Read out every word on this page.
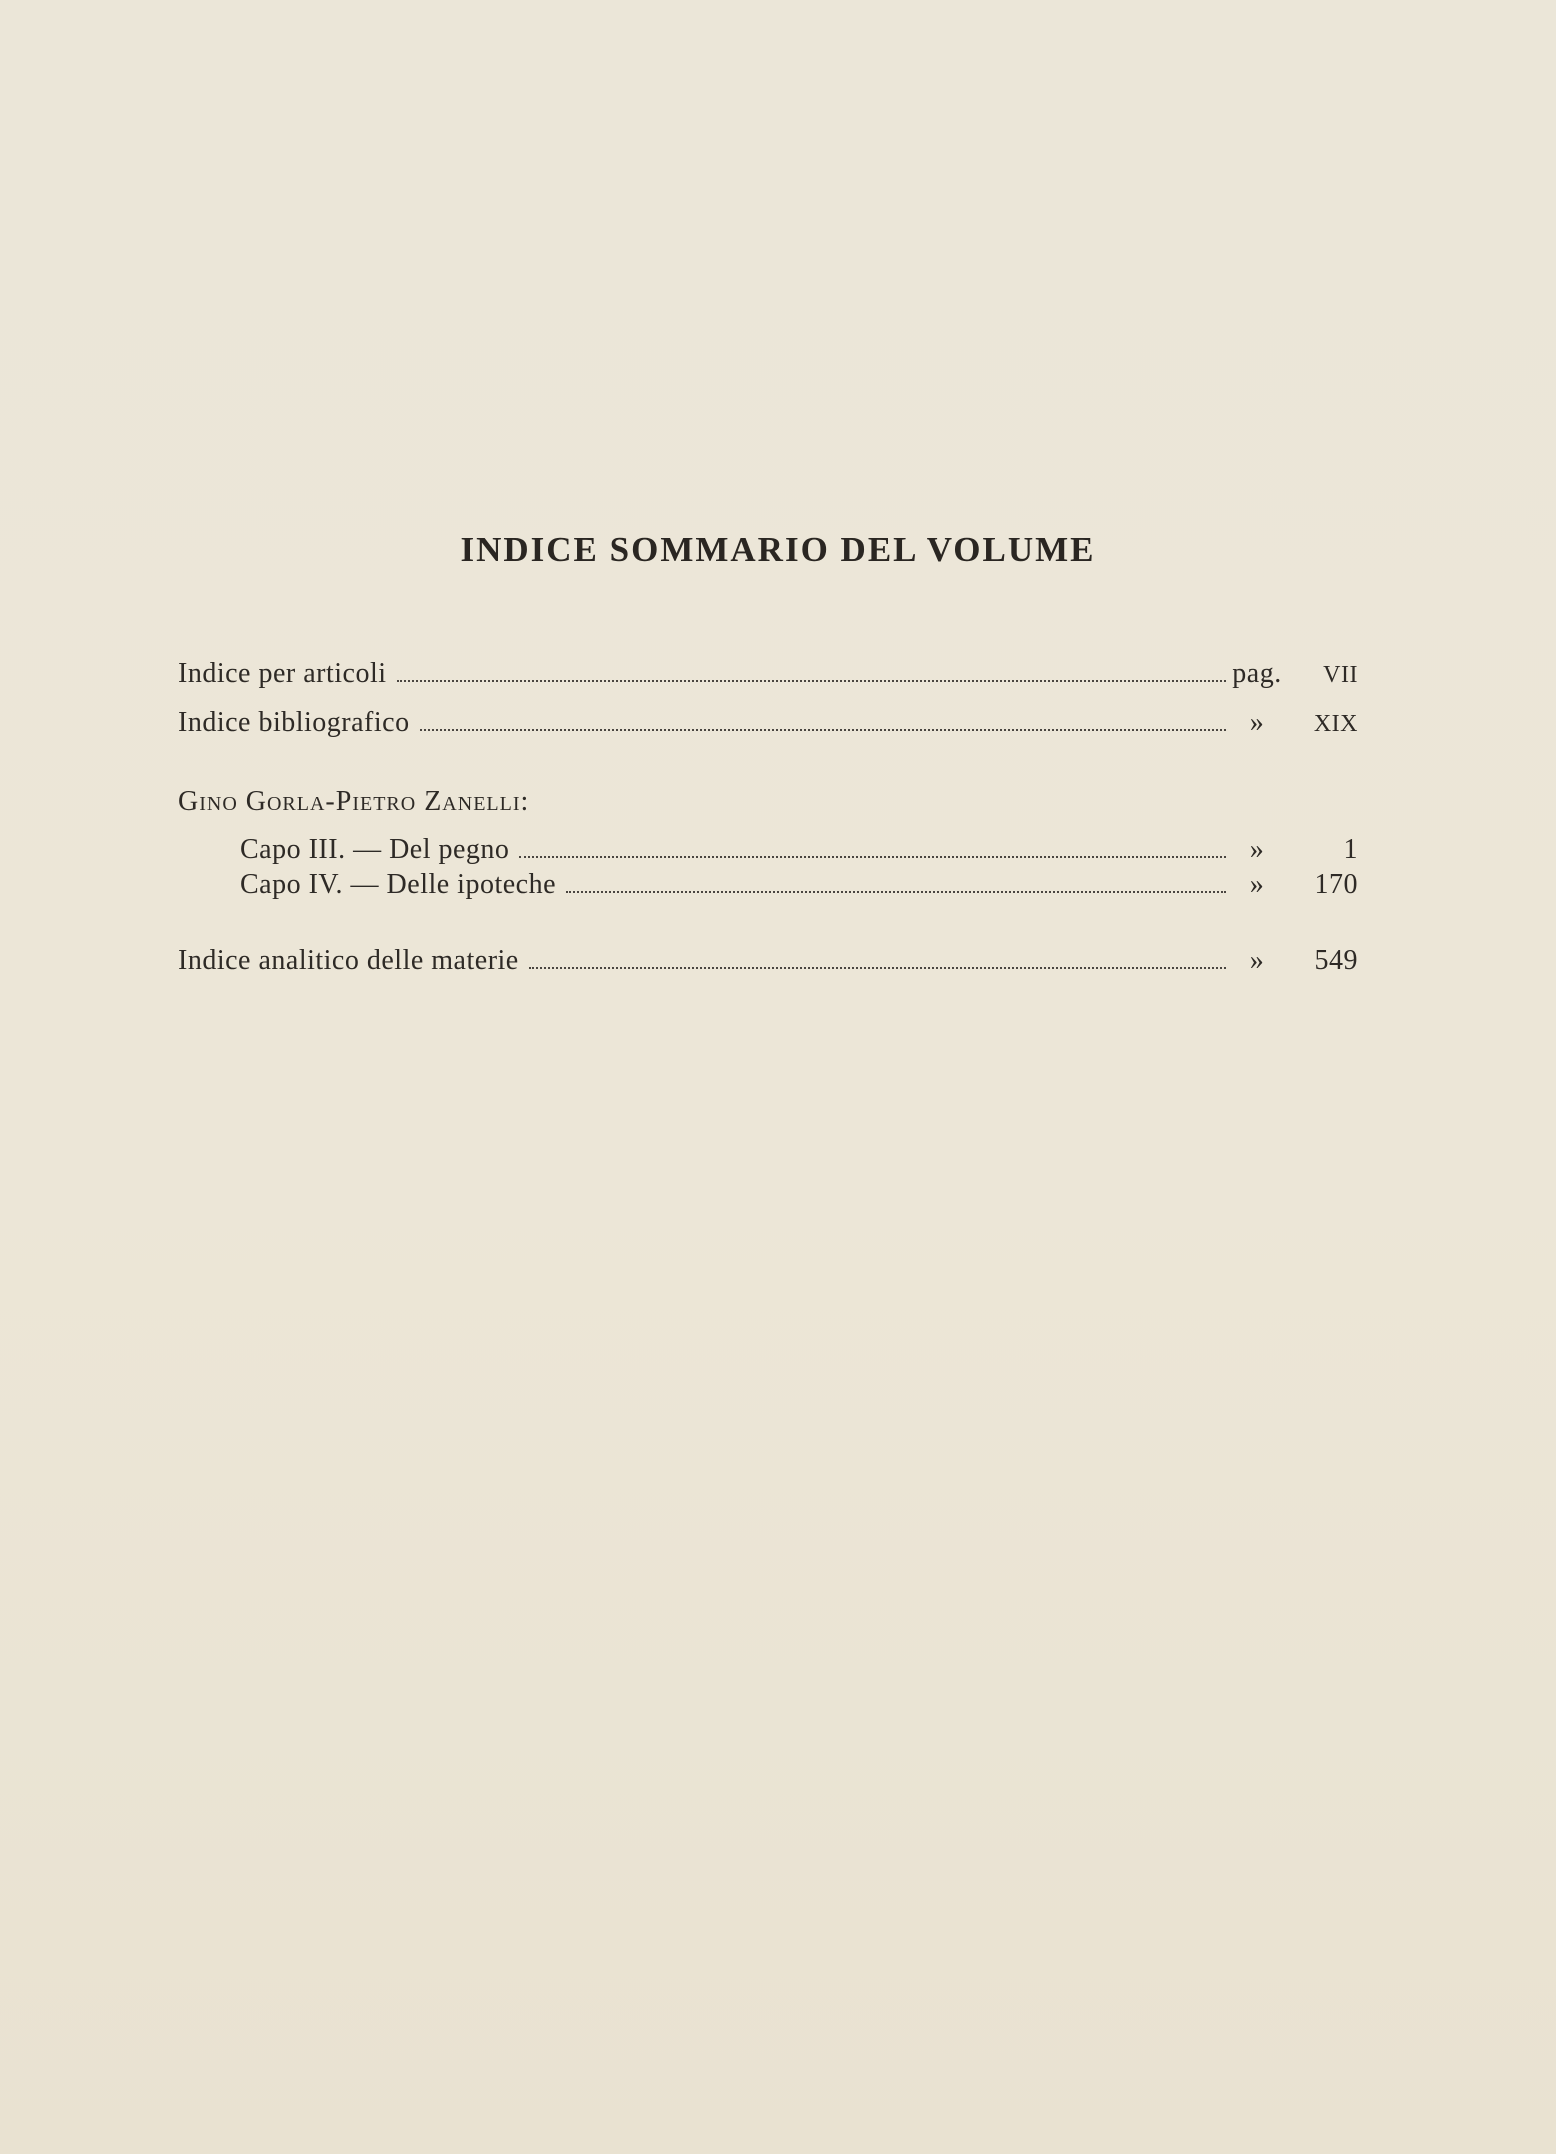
INDICE SOMMARIO DEL VOLUME
Indice per articoli	pag.	VII
Indice bibliografico	»	XIX
Gino Gorla-Pietro Zanelli:
Capo III. — Del pegno	»	1
Capo IV. — Delle ipoteche	»	170
Indice analitico delle materie	»	549
